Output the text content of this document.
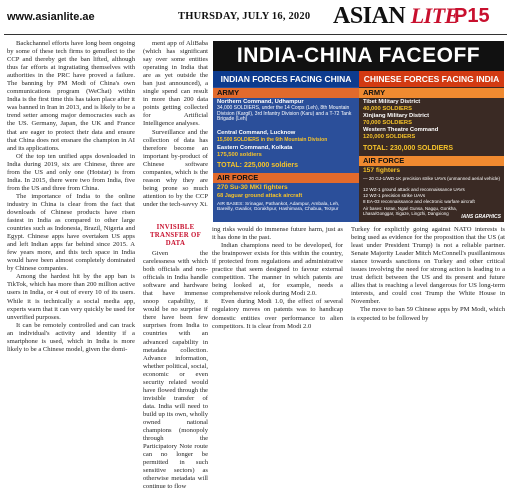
www.asianlite.ae	THURSDAY, JULY 16, 2020 ASIAN LITE
P15

Backchannel efforts have long been ongoing by some of these tech firms to genuflect to the CCP and thereby get the ban lifted, although thus far efforts at ingratiating themselves with authorities in the PRC have proved a failure. The banning by PM Modi of China's own communications program (WeChat) within India is the first time this has taken place after it was banned in Iran in 2013, and is likely to be a trend setter among major democracies such as the US. Germany, Japan, the UK and France that are eager to protect their data and ensure that China does not ensnare the champion in AI and its applications.

Of the top ten unified apps downloaded in India during 2019, six are Chinese, three are from the US and only one (Hotstar) is from India. In 2015, there were two from India, five from the US and three from China.

The importance of India to the online industry in China is clear from the fact that downloads of Chinese products have risen fastest in India as compared to other large countries such as Indonesia, Brazil, Nigeria and Egypt. Chinese apps have overtaken US apps and left Indian apps far behind since 2015. A few years more, and this tech space in India would have been almost completely dominated by Chinese companies.

Among the hardest hit by the app ban is TikTok, which has more than 200 million active users in India, or 4 out of every 10 of its users. While it is technically a social media app, experts warn that it can very quickly be used for unverified purposes.

It can be remotely controlled and can track an individual's activity and identity if a smartphone is used, which in India is more likely to be a Chinese model, given the domi-

ment app of AliBaba (which has significant say over some entities operating in India that are as yet outside the ban just announced), a single spend can result in more than 200 data points getting collected for Artificial Intelligence analyses.

Surveillance and the collection of data has therefore become an important by-product of Chinese software companies, which is the reason why they are being prone so much attention to by the CCP under the tech-savvy Xi.

INVISIBLE TRANSFER OF DATA

Given the carelessness with which both officials and non-officials in India handle software and hardware that have immense snoop capability, it would be no surprise if there have been few surprises from India to countries with an advanced capability in metadata collection. Advance information, whether political, social, economic or even security related would have flowed through the invisible transfer of data. India will need to build up its own, wholly owned national champions (monopoly through the Participatory Note route can no longer be permitted in such sensitive sectors) as otherwise metadata will continue to flow

INDIA-CHINA FACEOFF
INDIAN FORCES FACING CHINA	CHINESE FORCES FACING INDIA
ARMY
Northern Command, Udhampur
34,000 SOLDIERS, under the 14 Corps (Leh), 8th Mountain Division (Kargil), 3rd Infantry Division (Karu) and a T-72 Tank Brigade (Leh)
Central Command, Lucknow
15,500 SOLDIERS in the 6th Mountain Division
Eastern Command, Kolkata
175,500 soldiers
TOTAL: 225,000 soldiers
AIR FORCE
270 Su-30 MKI fighters
68 Jaguar ground attack aircraft
AIR BASES: Srinagar, Pathankot, Adampur, Ambala, Leh, Bareilly, Gwalior, Gorakhpur, Hashimara, Chabua, Tezpur
ARMY
Tibet Military District
40,000 SOLDIERS
Xinjiang Military District
70,000 SOLDIERS
Western Theatre Command
120,000 SOLDIERS
TOTAL: 230,000 SOLDIERS
AIR FORCE
157 fighters
— 20 GJ-1/WD-1K precision strike UAVs (unmanned aerial vehicle)
12 WZ-1 ground attack and reconnaissance UAVs
12 WZ-1 precision strike UAVs
8 EA-03 reconnaissance and electronic warfare aircraft
Air bases: Hotan, Ngari Gunsa, Nagqu, Gonkha, Lhasa/Gonggar, Xigaze, Lingzhi, Dangxiong
IANS GRAPHICS

ing risks would do immense future harm, just as it has done in the past.

Indian champions need to be developed, for the brainpower exists for this within the country, if protected from regulations and administrative practice that seem designed to favour external competition. The manner in which patents are being looked at, for example, needs a comprehensive relook during Modi 2.0.

Even during Modi 1.0, the effect of several regulatory moves on patents was to handicap domestic entities over performance to alien competitors. It is clear from Modi 2.0

Turkey for explicitly going against NATO interests is being used as evidence for the proposition that the US (at least under President Trump) is not a reliable partner. Senate Majority Leader Mitch McConnell's pusillanimous stance towards sanctions on Turkey and other critical issues involving the need for strong action is leading to a trust deficit between the US and its present and future allies that is reaching a level dangerous for US long-term interests, and could cost Trump the White House in November.

The move to ban 59 Chinese apps by PM Modi, which is expected to be followed by
